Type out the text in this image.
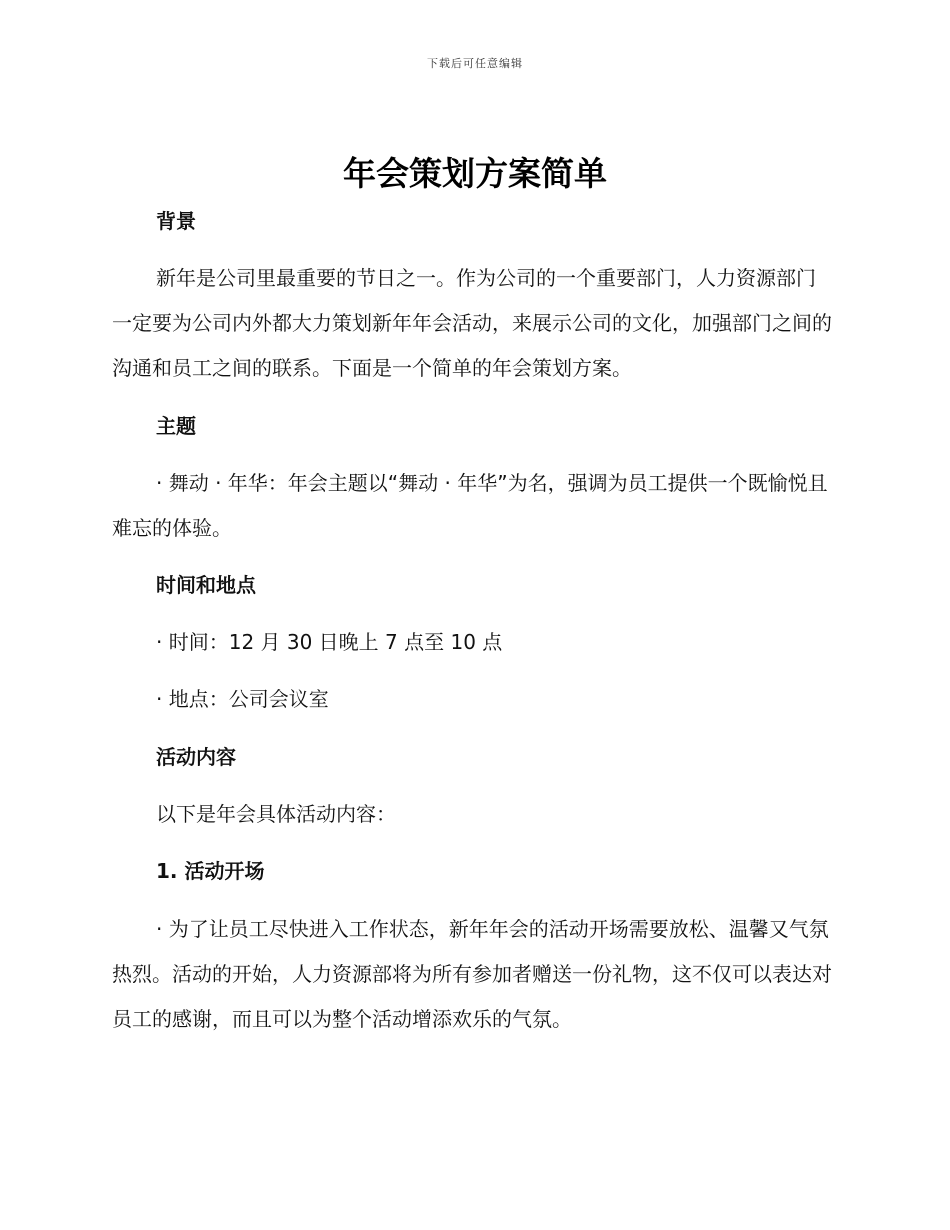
下载后可任意编辑
年会策划方案简单

背景

新年是公司里最重要的节日之一。作为公司的一个重要部门，人力资源部门一定要为公司内外都大力策划新年年会活动，来展示公司的文化，加强部门之间的沟通和员工之间的联系。下面是一个简单的年会策划方案。

主题

· 舞动 · 年华：年会主题以“舞动 · 年华”为名，强调为员工提供一个既愉悦且难忘的体验。

时间和地点

· 时间：12 月 30 日晚上 7 点至 10 点

· 地点：公司会议室

活动内容

以下是年会具体活动内容：

1. 活动开场

· 为了让员工尽快进入工作状态，新年年会的活动开场需要放松、温馨又气氛热烈。活动的开始，人力资源部将为所有参加者赠送一份礼物，这不仅可以表达对员工的感谢，而且可以为整个活动增添欢乐的气氛。
